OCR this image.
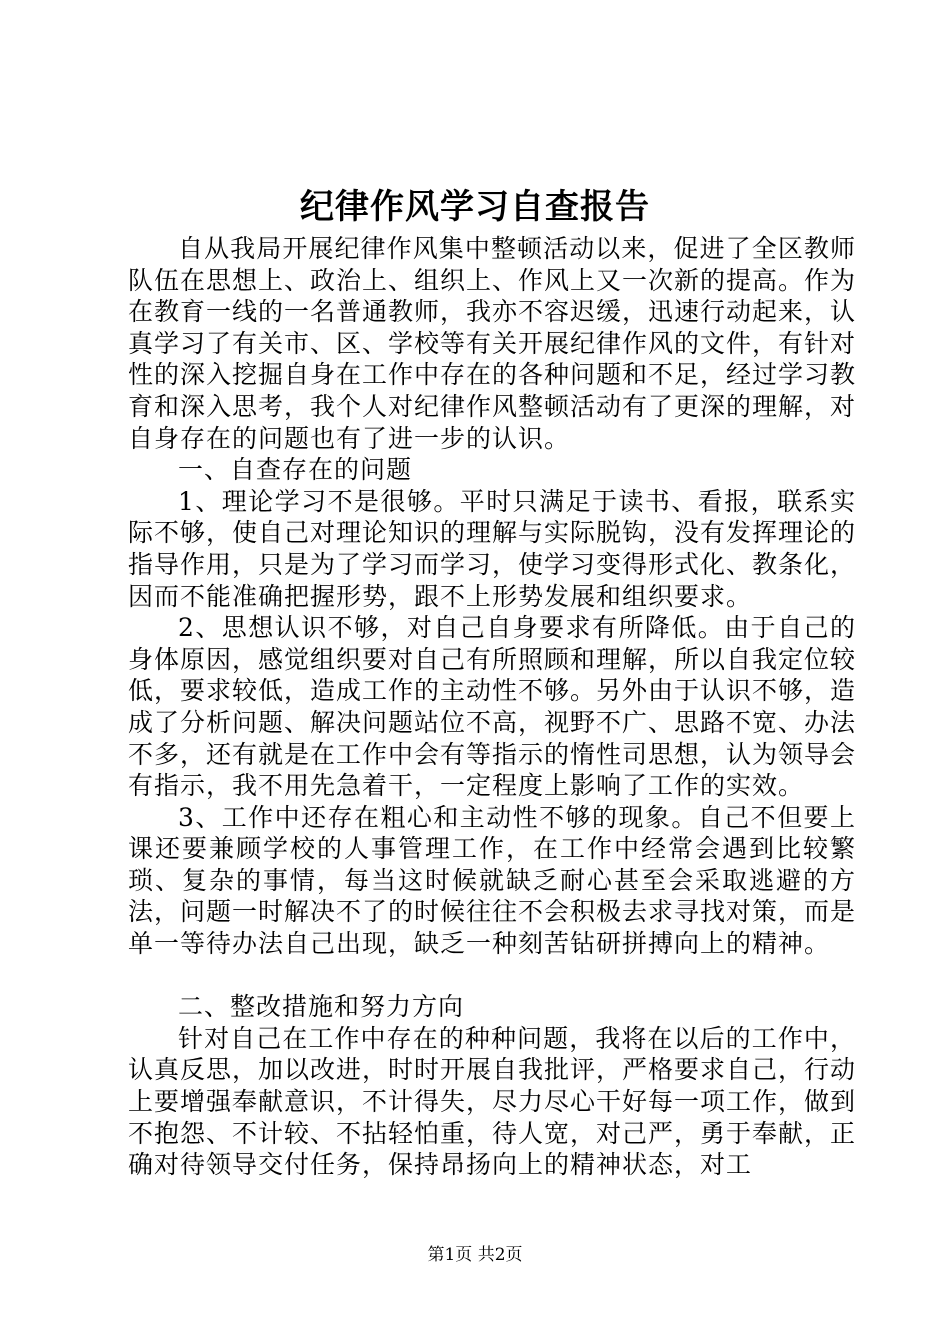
纪律作风学习自查报告

自从我局开展纪律作风集中整顿活动以来，促进了全区教师队伍在思想上、政治上、组织上、作风上又一次新的提高。作为在教育一线的一名普通教师，我亦不容迟缓，迅速行动起来，认真学习了有关市、区、学校等有关开展纪律作风的文件，有针对性的深入挖掘自身在工作中存在的各种问题和不足，经过学习教育和深入思考，我个人对纪律作风整顿活动有了更深的理解，对自身存在的问题也有了进一步的认识。

一、自查存在的问题

1、理论学习不是很够。平时只满足于读书、看报，联系实际不够，使自己对理论知识的理解与实际脱钩，没有发挥理论的指导作用，只是为了学习而学习，使学习变得形式化、教条化，因而不能准确把握形势，跟不上形势发展和组织要求。

2、思想认识不够，对自己自身要求有所降低。由于自己的身体原因，感觉组织要对自己有所照顾和理解，所以自我定位较低，要求较低，造成工作的主动性不够。另外由于认识不够，造成了分析问题、解决问题站位不高，视野不广、思路不宽、办法不多，还有就是在工作中会有等指示的惰性司思想，认为领导会有指示，我不用先急着干，一定程度上影响了工作的实效。

3、工作中还存在粗心和主动性不够的现象。自己不但要上课还要兼顾学校的人事管理工作，在工作中经常会遇到比较繁琐、复杂的事情，每当这时候就缺乏耐心甚至会采取逃避的方法，问题一时解决不了的时候往往不会积极去求寻找对策，而是单一等待办法自己出现，缺乏一种刻苦钻研拼搏向上的精神。

二、整改措施和努力方向

针对自己在工作中存在的种种问题，我将在以后的工作中，认真反思，加以改进，时时开展自我批评，严格要求自己，行动上要增强奉献意识，不计得失，尽力尽心干好每一项工作，做到不抱怨、不计较、不拈轻怕重，待人宽，对己严，勇于奉献，正确对待领导交付任务，保持昂扬向上的精神状态，对工

第1页 共2页
